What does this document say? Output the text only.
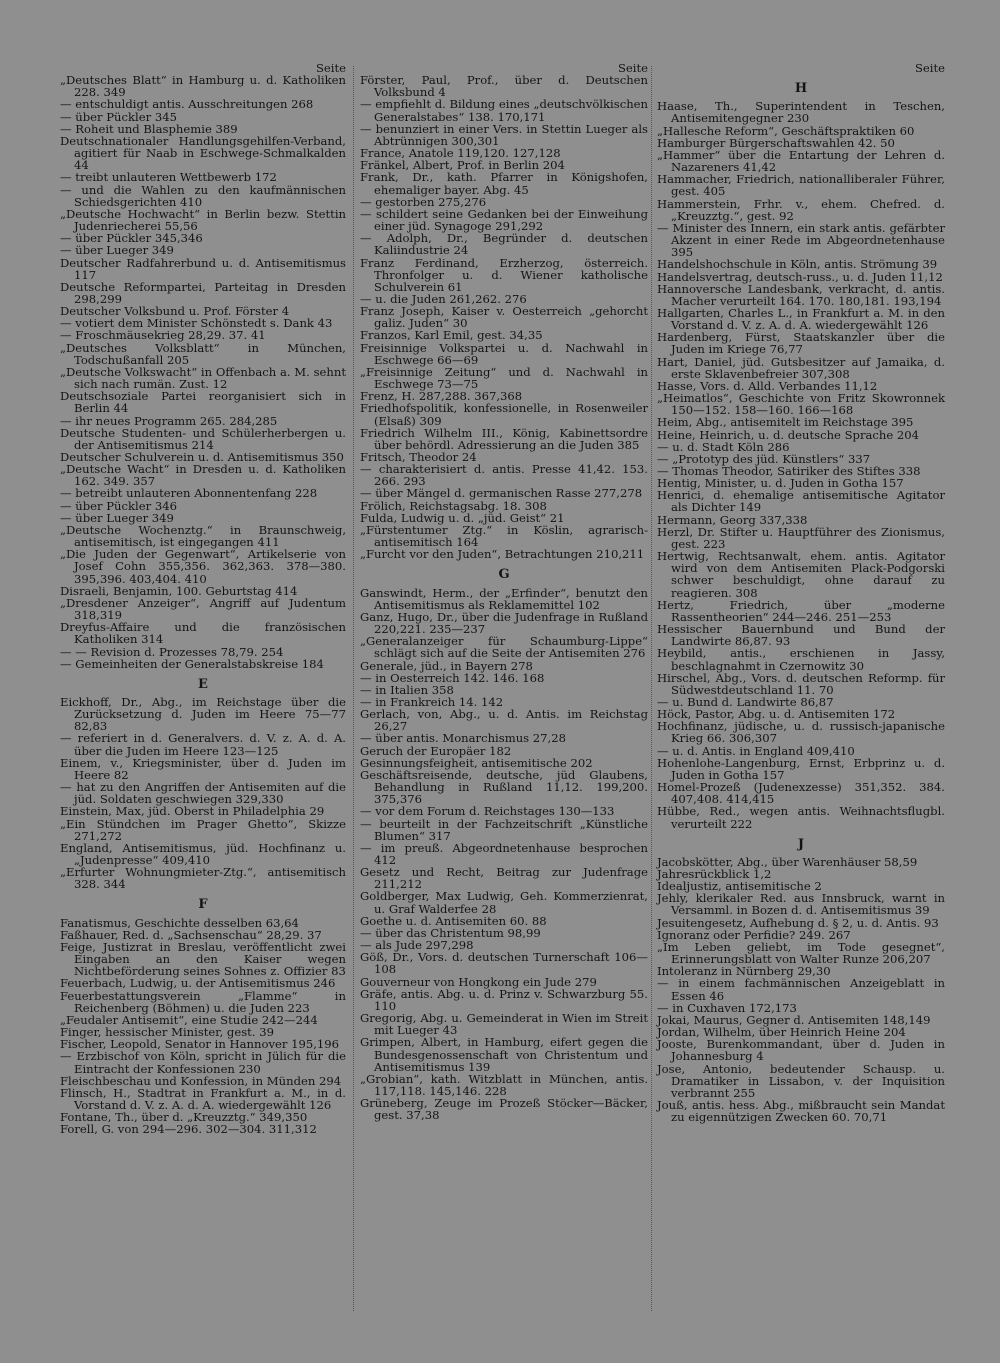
Seite
„Deutsches Blatt“ in Hamburg u. d. Katholiken 228. 349
— entschuldigt antis. Ausschreitungen 268
— über Pückler 345
— Roheit und Blasphemie 389
Deutschnationaler Handlungsgehilfen-Verband, agitiert für Naab in Eschwege-Schmalkalden 44
— treibt unlauteren Wettbewerb 172
— und die Wahlen zu den kaufmännischen Schiedsgerichten 410
„Deutsche Hochwacht“ in Berlin bezw. Stettin Judenriecherei 55,56
— über Pückler 345,346
— über Lueger 349
Deutscher Radfahrerbund u. d. Antisemitismus 117
Deutsche Reformpartei, Parteitag in Dresden 298,299
Deutscher Volksbund u. Prof. Förster 4
— votiert dem Minister Schönstedt s. Dank 43
— Froschmäusekrieg 28,29. 37. 41
„Deutsches Volksblatt“ in München, Todschußanfall 205
„Deutsche Volkswacht“ in Offenbach a. M. sehnt sich nach rumän. Zust. 12
Deutschsoziale Partei reorganisiert sich in Berlin 44
— ihr neues Programm 265. 284,285
Deutsche Studenten- und Schülerherbergen u. der Antisemitismus 214
Deutscher Schulverein u. d. Antisemitismus 350
„Deutsche Wacht“ in Dresden u. d. Katholiken 162. 349. 357
— betreibt unlauteren Abonnentenfang 228
— über Pückler 346
— über Lueger 349
„Deutsche Wochenztg.“ in Braunschweig, antisemitisch, ist eingegangen 411
„Die Juden der Gegenwart“, Artikelserie von Josef Cohn 355,356. 362,363. 378—380. 395,396. 403,404. 410
Disraeli, Benjamin, 100. Geburtstag 414
„Dresdener Anzeiger“, Angriff auf Judentum 318,319
Dreyfus-Affaire und die französischen Katholiken 314
— — Revision d. Prozesses 78,79. 254
— Gemeinheiten der Generalstabskreise 184
E
Eickhoff, Dr., Abg., im Reichstage über die Zurücksetzung d. Juden im Heere 75—77 82,83
— referiert in d. Generalvers. d. V. z. A. d. A. über die Juden im Heere 123—125
Einem, v., Kriegsminister, über d. Juden im Heere 82
— hat zu den Angriffen der Antisemiten auf die jüd. Soldaten geschwiegen 329,330
Einstein, Max, jüd. Oberst in Philadelphia 29
„Ein Stündchen im Prager Ghetto“, Skizze 271,272
England, Antisemitismus, jüd. Hochfinanz u. „Judenpresse“ 409,410
„Erfurter Wohnungmieter-Ztg.“, antisemitisch 328. 344
F
Fanatismus, Geschichte desselben 63,64
Faßhauer, Red. d. „Sachsenschau“ 28,29. 37
Feige, Justizrat in Breslau, veröffentlicht zwei Eingaben an den Kaiser wegen Nichtbeförderung seines Sohnes z. Offizier 83
Feuerbach, Ludwig, u. der Antisemitismus 246
Feuerbestattungsverein „Flamme“ in Reichenberg (Böhmen) u. die Juden 223
„Feudaler Antisemit“, eine Studie 242—244
Finger, hessischer Minister, gest. 39
Fischer, Leopold, Senator in Hannover 195,196
— Erzbischof von Köln, spricht in Jülich für die Eintracht der Konfessionen 230
Fleischbeschau und Konfession, in Münden 294
Flinsch, H., Stadtrat in Frankfurt a. M., in d. Vorstand d. V. z. A. d. A. wiedergewählt 126
Fontane, Th., über d. „Kreuzztg.“ 349,350
Forell, G. von 294—296. 302—304. 311,312
Seite
Förster, Paul, Prof., über d. Deutschen Volksbund 4
— empfiehlt d. Bildung eines „deutschvölkischen Generalstabes“ 138. 170,171
— benunziert in einer Vers. in Stettin Lueger als Abtrünnigen 300,301
France, Anatole 119,120. 127,128
Fränkel, Albert, Prof. in Berlin 204
Frank, Dr., kath. Pfarrer in Königshofen, ehemaliger bayer. Abg. 45
— gestorben 275,276
— schildert seine Gedanken bei der Einweihung einer jüd. Synagoge 291,292
— Adolph, Dr., Begründer d. deutschen Kaliindustrie 24
Franz Ferdinand, Erzherzog, österreich. Thronfolger u. d. Wiener katholische Schulverein 61
— u. die Juden 261,262. 276
Franz Joseph, Kaiser v. Oesterreich „gehorcht galiz. Juden“ 30
Franzos, Karl Emil, gest. 34,35
Freisinnige Volkspartei u. d. Nachwahl in Eschwege 66—69
„Freisinnige Zeitung“ und d. Nachwahl in Eschwege 73—75
Frenz, H. 287,288. 367,368
Friedhofspolitik, konfessionelle, in Rosenweiler (Elsaß) 309
Friedrich Wilhelm III., König, Kabinettsordre über behördl. Adressierung an die Juden 385
Fritsch, Theodor 24
— charakterisiert d. antis. Presse 41,42. 153. 266. 293
— über Mängel d. germanischen Rasse 277,278
Frölich, Reichstagsabg. 18. 308
Fulda, Ludwig u. d. „jüd. Geist“ 21
„Fürstentumer Ztg.“ in Köslin, agrarisch-antisemitisch 164
„Furcht vor den Juden“, Betrachtungen 210,211
G
Ganswindt, Herm., der „Erfinder“, benutzt den Antisemitismus als Reklamemittel 102
Ganz, Hugo, Dr., über die Judenfrage in Rußland 220,221. 235—237
„Generalanzeiger für Schaumburg-Lippe“ schlägt sich auf die Seite der Antisemiten 276
Generale, jüd., in Bayern 278
— in Oesterreich 142. 146. 168
— in Italien 358
— in Frankreich 14. 142
Gerlach, von, Abg., u. d. Antis. im Reichstag 26,27
— über antis. Monarchismus 27,28
Geruch der Europäer 182
Gesinnungsfeigheit, antisemitische 202
Geschäftsreisende, deutsche, jüd Glaubens, Behandlung in Rußland 11,12. 199,200. 375,376
— vor dem Forum d. Reichstages 130—133
— beurteilt in der Fachzeitschrift „Künstliche Blumen“ 317
— im preuß. Abgeordnetenhause besprochen 412
Gesetz und Recht, Beitrag zur Judenfrage 211,212
Goldberger, Max Ludwig, Geh. Kommerzienrat, u. Graf Walderfee 28
Goethe u. d. Antisemiten 60. 88
— über das Christentum 98,99
— als Jude 297,298
Göß, Dr., Vors. d. deutschen Turnerschaft 106—108
Gouverneur von Hongkong ein Jude 279
Gräfe, antis. Abg. u. d. Prinz v. Schwarzburg 55. 110
Gregorig, Abg. u. Gemeinderat in Wien im Streit mit Lueger 43
Grimpen, Albert, in Hamburg, eifert gegen die Bundesgenossenschaft von Christentum und Antisemitismus 139
„Grobian“, kath. Witzblatt in München, antis. 117,118. 145,146. 228
Grüneberg, Zeuge im Prozeß Stöcker—Bäcker, gest. 37,38
Seite
H
Haase, Th., Superintendent in Teschen, Antisemitengegner 230
„Hallesche Reform“, Geschäftspraktiken 60
Hamburger Bürgerschaftswahlen 42. 50
„Hammer“ über die Entartung der Lehren d. Nazareners 41,42
Hammacher, Friedrich, nationalliberaler Führer, gest. 405
Hammerstein, Frhr. v., ehem. Chefred. d. „Kreuzztg.“, gest. 92
— Minister des Innern, ein stark antis. gefärbter Akzent in einer Rede im Abgeordnetenhause 395
Handelshochschule in Köln, antis. Strömung 39
Handelsvertrag, deutsch-russ., u. d. Juden 11,12
Hannoversche Landesbank, verkracht, d. antis. Macher verurteilt 164. 170. 180,181. 193,194
Hallgarten, Charles L., in Frankfurt a. M. in den Vorstand d. V. z. A. d. A. wiedergewählt 126
Hardenberg, Fürst, Staatskanzler über die Juden im Kriege 76,77
Hart, Daniel, jüd. Gutsbesitzer auf Jamaika, d. erste Sklavenbefreier 307,308
Hasse, Vors. d. Alld. Verbandes 11,12
„Heimatlos“, Geschichte von Fritz Skowronnek 150—152. 158—160. 166—168
Heim, Abg., antisemitelt im Reichstage 395
Heine, Heinrich, u. d. deutsche Sprache 204
— u. d. Stadt Köln 286
— „Prototyp des jüd. Künstlers“ 337
— Thomas Theodor, Satiriker des Stiftes 338
Hentig, Minister, u. d. Juden in Gotha 157
Henrici, d. ehemalige antisemitische Agitator als Dichter 149
Hermann, Georg 337,338
Herzl, Dr. Stifter u. Hauptführer des Zionismus, gest. 223
Hertwig, Rechtsanwalt, ehem. antis. Agitator wird von dem Antisemiten Plack-Podgorski schwer beschuldigt, ohne darauf zu reagieren. 308
Hertz, Friedrich, über „moderne Rassentheorien“ 244—246. 251—253
Hessischer Bauernbund und Bund der Landwirte 86,87. 93
Heybild, antis., erschienen in Jassy, beschlagnahmt in Czernowitz 30
Hirschel, Abg., Vors. d. deutschen Reformp. für Südwestdeutschland 11. 70
— u. Bund d. Landwirte 86,87
Höck, Pastor, Abg. u. d. Antisemiten 172
Hochfinanz, jüdische, u. d. russisch-japanische Krieg 66. 306,307
— u. d. Antis. in England 409,410
Hohenlohe-Langenburg, Ernst, Erbprinz u. d. Juden in Gotha 157
Homel-Prozeß (Judenexzesse) 351,352. 384. 407,408. 414,415
Hübbe, Red., wegen antis. Weihnachtsflugbl. verurteilt 222
J
Jacobskötter, Abg., über Warenhäuser 58,59
Jahresrückblick 1,2
Idealjustiz, antisemitische 2
Jehly, klerikaler Red. aus Innsbruck, warnt in Versamml. in Bozen d. d. Antisemitismus 39
Jesuitengesetz, Aufhebung d. § 2, u. d. Antis. 93
Ignoranz oder Perfidie? 249. 267
„Im Leben geliebt, im Tode gesegnet“, Erinnerungsblatt von Walter Runze 206,207
Intoleranz in Nürnberg 29,30
— in einem fachmännischen Anzeigeblatt in Essen 46
— in Cuxhaven 172,173
Jokai, Maurus, Gegner d. Antisemiten 148,149
Jordan, Wilhelm, über Heinrich Heine 204
Jooste, Burenkommandant, über d. Juden in Johannesburg 4
Jose, Antonio, bedeutender Schausp. u. Dramatiker in Lissabon, v. der Inquisition verbrannt 255
Jouß, antis. hess. Abg., mißbraucht sein Mandat zu eigennützigen Zwecken 60. 70,71
